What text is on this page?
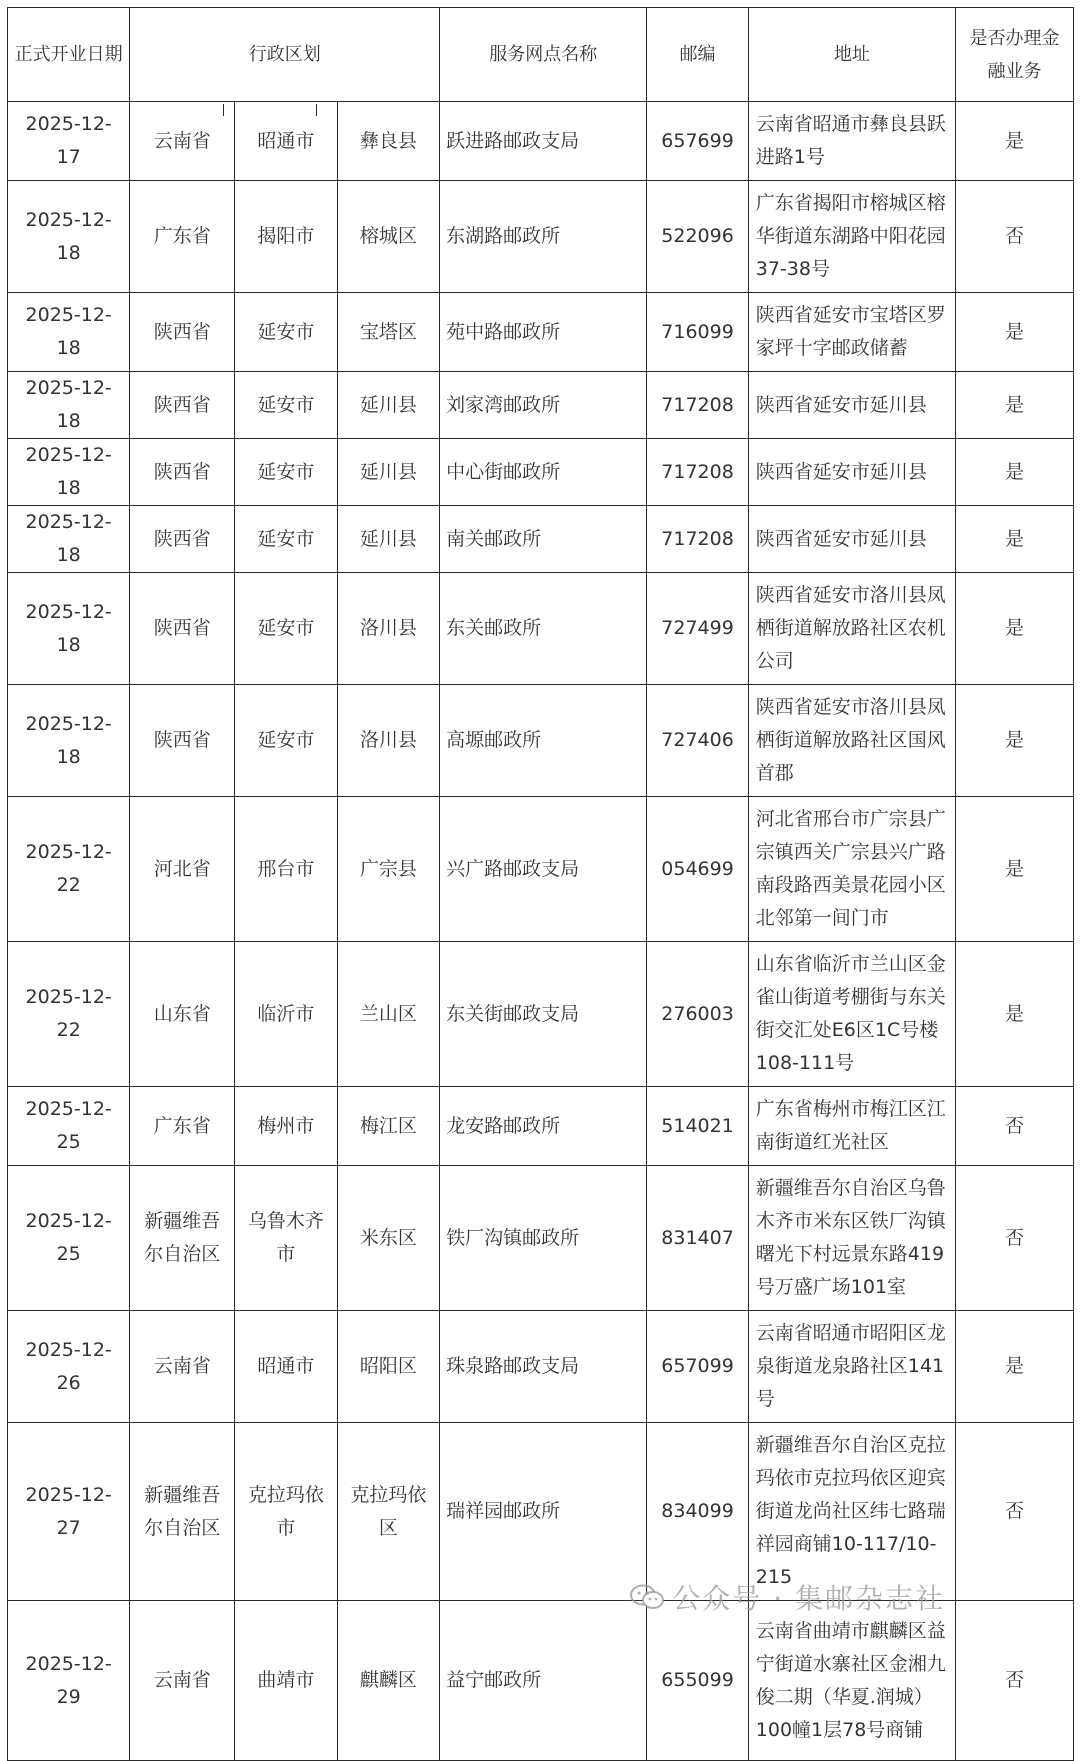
正式开业日期	行政区划			服务网点名称	邮编	地址	是否办理金融业务
2025-12-17	云南省	昭通市	彝良县	跃进路邮政支局	657699	云南省昭通市彝良县跃进路1号	是
2025-12-18	广东省	揭阳市	榕城区	东湖路邮政所	522096	广东省揭阳市榕城区榕华街道东湖路中阳花园37-38号	否
2025-12-18	陕西省	延安市	宝塔区	苑中路邮政所	716099	陕西省延安市宝塔区罗家坪十字邮政储蓄	是
2025-12-18	陕西省	延安市	延川县	刘家湾邮政所	717208	陕西省延安市延川县	是
2025-12-18	陕西省	延安市	延川县	中心街邮政所	717208	陕西省延安市延川县	是
2025-12-18	陕西省	延安市	延川县	南关邮政所	717208	陕西省延安市延川县	是
2025-12-18	陕西省	延安市	洛川县	东关邮政所	727499	陕西省延安市洛川县凤栖街道解放路社区农机公司	是
2025-12-18	陕西省	延安市	洛川县	高塬邮政所	727406	陕西省延安市洛川县凤栖街道解放路社区国风首郡	是
2025-12-22	河北省	邢台市	广宗县	兴广路邮政支局	054699	河北省邢台市广宗县广宗镇西关广宗县兴广路南段路西美景花园小区北邻第一间门市	是
2025-12-22	山东省	临沂市	兰山区	东关街邮政支局	276003	山东省临沂市兰山区金雀山街道考棚街与东关街交汇处E6区1C号楼108-111号	是
2025-12-25	广东省	梅州市	梅江区	龙安路邮政所	514021	广东省梅州市梅江区江南街道红光社区	否
2025-12-25	新疆维吾尔自治区	乌鲁木齐市	米东区	铁厂沟镇邮政所	831407	新疆维吾尔自治区乌鲁木齐市米东区铁厂沟镇曙光下村远景东路419号万盛广场101室	否
2025-12-26	云南省	昭通市	昭阳区	珠泉路邮政支局	657099	云南省昭通市昭阳区龙泉街道龙泉路社区141号	是
2025-12-27	新疆维吾尔自治区	克拉玛依市	克拉玛依区	瑞祥园邮政所	834099	新疆维吾尔自治区克拉玛依市克拉玛依区迎宾街道龙尚社区纬七路瑞祥园商铺10-117/10-215	否
2025-12-29	云南省	曲靖市	麒麟区	益宁邮政所	655099	云南省曲靖市麒麟区益宁街道水寨社区金湘九俊二期（华夏.润城）100幢1层78号商铺	否
公众号 · 集邮杂志社
